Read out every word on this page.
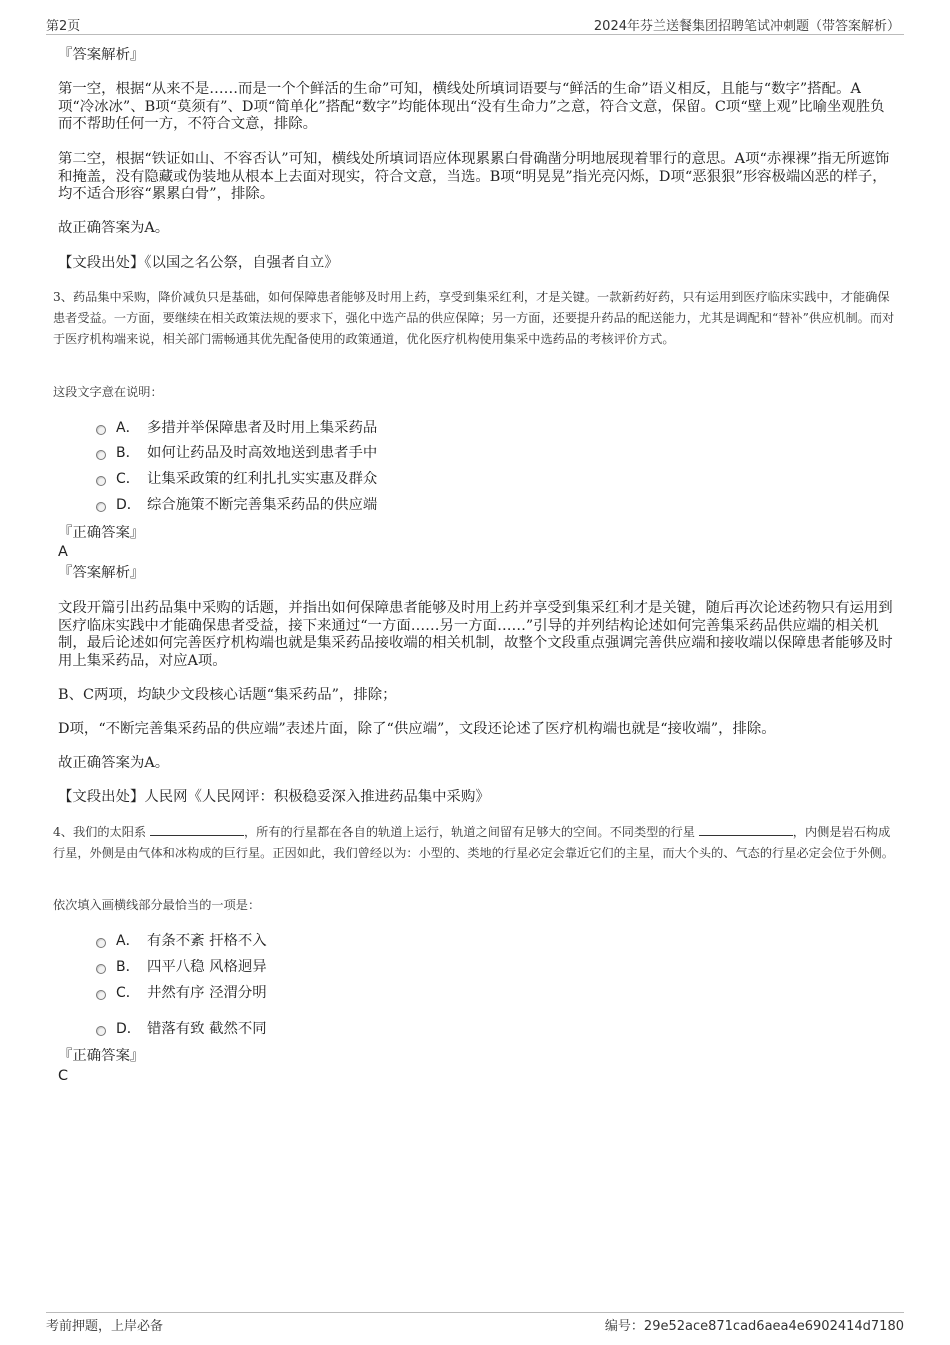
第2页	2024年芬兰送餐集团招聘笔试冲刺题（带答案解析）

『答案解析』

第一空，根据“从来不是……而是一个个鲜活的生命”可知，横线处所填词语要与“鲜活的生命”语义相反，且能与“数字”搭配。A项“冷冰冰”、B项“莫须有”、D项“简单化”搭配“数字”均能体现出“没有生命力”之意，符合文意，保留。C项“壁上观”比喻坐观胜负而不帮助任何一方，不符合文意，排除。

第二空，根据“铁证如山、不容否认”可知，横线处所填词语应体现累累白骨确凿分明地展现着罪行的意思。A项“赤裸裸”指无所遮饰和掩盖，没有隐藏或伪装地从根本上去面对现实，符合文意，当选。B项“明晃晃”指光亮闪烁，D项“恶狠狠”形容极端凶恶的样子，均不适合形容“累累白骨”，排除。

故正确答案为A。

【文段出处】《以国之名公祭，自强者自立》

3、药品集中采购，降价减负只是基础，如何保障患者能够及时用上药，享受到集采红利，才是关键。一款新药好药，只有运用到医疗临床实践中，才能确保患者受益。一方面，要继续在相关政策法规的要求下，强化中选产品的供应保障；另一方面，还要提升药品的配送能力，尤其是调配和“替补”供应机制。而对于医疗机构端来说，相关部门需畅通其优先配备使用的政策通道，优化医疗机构使用集采中选药品的考核评价方式。

这段文字意在说明：

A． 多措并举保障患者及时用上集采药品
B． 如何让药品及时高效地送到患者手中
C． 让集采政策的红利扎扎实实惠及群众
D． 综合施策不断完善集采药品的供应端

『正确答案』

A

『答案解析』

文段开篇引出药品集中采购的话题，并指出如何保障患者能够及时用上药并享受到集采红利才是关键，随后再次论述药物只有运用到医疗临床实践中才能确保患者受益，接下来通过“一方面……另一方面……”引导的并列结构论述如何完善集采药品供应端的相关机制，最后论述如何完善医疗机构端也就是集采药品接收端的相关机制，故整个文段重点强调完善供应端和接收端以保障患者能够及时用上集采药品，对应A项。

B、C两项，均缺少文段核心话题“集采药品”，排除；

D项，“不断完善集采药品的供应端”表述片面，除了“供应端”，文段还论述了医疗机构端也就是“接收端”，排除。

故正确答案为A。

【文段出处】人民网《人民网评：积极稳妥深入推进药品集中采购》

4、我们的太阳系	，所有的行星都在各自的轨道上运行，轨道之间留有足够大的空间。不同类型的行星	，内侧是岩石构成行星，外侧是由气体和冰构成的巨行星。正因如此，我们曾经以为：小型的、类地的行星必定会靠近它们的主星，而大个头的、气态的行星必定会位于外侧。

依次填入画横线部分最恰当的一项是：

A． 有条不紊 扞格不入
B． 四平八稳 风格迥异
C． 井然有序 泾渭分明
D． 错落有致 截然不同

『正确答案』

C

考前押题，上岸必备	编号：29e52ace871cad6aea4e6902414d7180
